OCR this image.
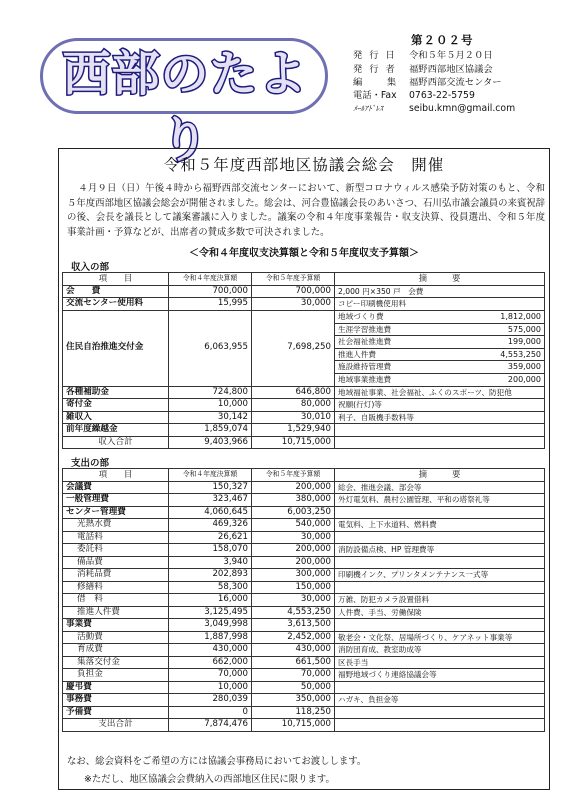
西部のたより
第２０２号
発 行 日	令和５年５月２０日
発 行 者	福野西部地区協議会
編　　集	福野西部交流センター
電話・Fax	0763-22-5759
ﾒｰﾙｱﾄﾞﾚｽ	seibu.kmn@gmail.com
令和５年度西部地区協議会総会　開催
４月９日（日）午後４時から福野西部交流センターにおいて、新型コロナウィルス感染予防対策のもと、令和５年度西部地区協議会総会が開催されました。総会は、河合豊協議会長のあいさつ、石川弘市議会議員の来賓祝辞の後、会長を議長として議案審議に入りました。議案の令和４年度事業報告・収支決算、役員選出、令和５年度事業計画・予算などが、出席者の賛成多数で可決されました。
＜令和４年度収支決算額と令和５年度収支予算額＞
収入の部
項　　目	令和４年度決算額	令和５年度予算額	摘　　　要
会　　費	700,000	700,000	2,000 円×350 戸　会費
交流センター使用料	15,995	30,000	コピー印刷機使用料
住民自治推進交付金	6,063,955	7,698,250	
地域づくり費	1,812,000
生涯学習推進費	575,000
社会福祉推進費	199,000
推進人件費	4,553,250
施設維持管理費	359,000
地域事業推進費	200,000

各種補助金	724,800	646,800	地域福祉事業、社会福祉、ふくのスポーツ、防犯他
寄付金	10,000	80,000	祝願(行灯)等
雑収入	30,142	30,010	利子、自販機手数料等
前年度繰越金	1,859,074	1,529,940	
収入合計	9,403,966	10,715,000	
支出の部
項　　目	令和４年度決算額	令和５年度予算額	摘　　　要
会議費	150,327	200,000	総会、推進会議、部会等
一般管理費	323,467	380,000	外灯電気料、農村公園管理、平和の塔祭礼等
センター管理費	4,060,645	6,003,250	
光熱水費	469,326	540,000	電気料、上下水道料、燃料費
電話料	26,621	30,000	
委託料	158,070	200,000	消防設備点検、HP 管理費等
備品費	3,940	200,000	
消耗品費	202,893	300,000	印刷機インク、プリンタメンテナンス一式等
修繕料	58,300	150,000	
借　料	16,000	30,000	万雑、防犯カメラ設置借料
推進人件費	3,125,495	4,553,250	人件費、手当、労働保険
事業費	3,049,998	3,613,500	
活動費	1,887,998	2,452,000	敬老会・文化祭、居場所づくり、ケアネット事業等
育成費	430,000	430,000	消防団育成、教室助成等
集落交付金	662,000	661,500	区長手当
負担金	70,000	70,000	福野地域づくり連絡協議会等
慶弔費	10,000	50,000	
事務費	280,039	350,000	ハガキ、負担金等
予備費	0	118,250	
支出合計	7,874,476	10,715,000	
なお、総会資料をご希望の方には協議会事務局においてお渡しします。
※ただし、地区協議会会費納入の西部地区住民に限ります。
